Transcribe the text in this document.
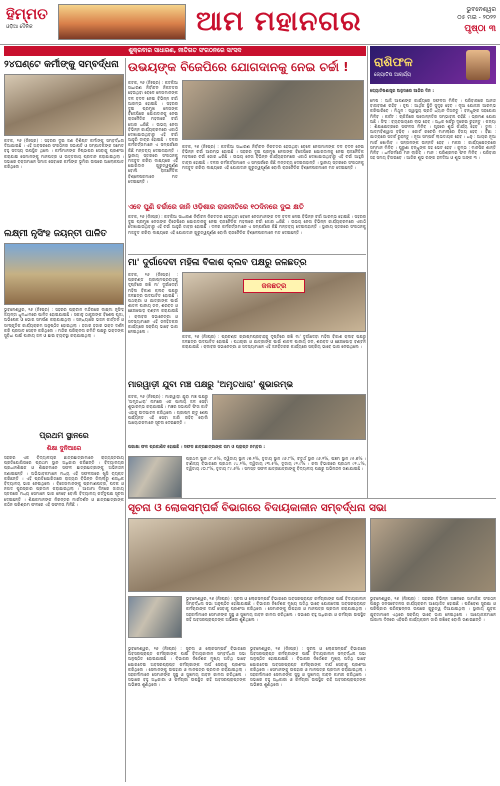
ହିମ୍ମତ
ଓଡ଼ିଆ ଦୈନିକ	ଆମ ମହାନଗର	ଭୁବନେଶ୍ୱର
୦୫ ମଇ - ୨୦୨୨
ପୃଷ୍ଠା ୩
ଶୁକ୍ରବାର ସାଧାରଣ, ନୀତିଗତ ସଂଗଠନରେ ସାଂସଦ
ଉଭୟଙ୍କ ବିଜେପିରେ ଯୋଗଦାନକୁ ନେଇ ଚର୍ଚ୍ଚା !
କଟକ, ୨୬ (ନିଃପ୍ର) : କଟକିଆ ସାଧାରଣ ନିର୍ବାଚନ ନିକଟତର ହେଉଥିବା ବେଳେ ନେତାମାନଙ୍କ ଦଳ ବଦଳ ନେଇ ବିଭିନ୍ନ ଚର୍ଚ୍ଚା ଆରମ୍ଭ ହୋଇଛି । ସହରର ଦୁଇ ପ୍ରମୁଖ ନେତାଙ୍କ ବିଜେପିରେ ଯୋଗଦାନକୁ ନେଇ ରାଜନୈତିକ ମହଲରେ ଚର୍ଚ୍ଚା ଜୋର ଧରିଛି । ଉଭୟ ନେତା ବିଭିନ୍ନ କାର୍ଯ୍ୟକ୍ରମରେ ଏକାଠି ଦେଖାଯାଉଥିବାରୁ ଏହି ଚର୍ଚ୍ଚା ଆହୁରି ତୀବ୍ର ହୋଇଛି । ଦଳର କର୍ମକର୍ତ୍ତାମାନେ ଏ ସମ୍ପର୍କରେ କିଛି ମନ୍ତବ୍ୟ ଦେଇନାହାନ୍ତି । ସ୍ଥାନୀୟ ସ୍ତରରେ ସଂଗଠନକୁ ମଜବୁତ କରିବା ଲକ୍ଷ୍ୟରେ ଏହି ଯୋଗଦାନ ଗୁରୁତ୍ୱପୂର୍ଣ୍ଣ ବୋଲି ରାଜନୈତିକ ବିଶ୍ଳେଷକମାନେ ମତ ଦେଇଛନ୍ତି ।
କଟକ, ୨୬ (ନିଃପ୍ର) : କଟକିଆ ସାଧାରଣ ନିର୍ବାଚନ ନିକଟତର ହେଉଥିବା ବେଳେ ନେତାମାନଙ୍କ ଦଳ ବଦଳ ନେଇ ବିଭିନ୍ନ ଚର୍ଚ୍ଚା ଆରମ୍ଭ ହୋଇଛି । ସହରର ଦୁଇ ପ୍ରମୁଖ ନେତାଙ୍କ ବିଜେପିରେ ଯୋଗଦାନକୁ ନେଇ ରାଜନୈତିକ ମହଲରେ ଚର୍ଚ୍ଚା ଜୋର ଧରିଛି । ଉଭୟ ନେତା ବିଭିନ୍ନ କାର୍ଯ୍ୟକ୍ରମରେ ଏକାଠି ଦେଖାଯାଉଥିବାରୁ ଏହି ଚର୍ଚ୍ଚା ଆହୁରି ତୀବ୍ର ହୋଇଛି । ଦଳର କର୍ମକର୍ତ୍ତାମାନେ ଏ ସମ୍ପର୍କରେ କିଛି ମନ୍ତବ୍ୟ ଦେଇନାହାନ୍ତି । ସ୍ଥାନୀୟ ସ୍ତରରେ ସଂଗଠନକୁ ମଜବୁତ କରିବା ଲକ୍ଷ୍ୟରେ ଏହି ଯୋଗଦାନ ଗୁରୁତ୍ୱପୂର୍ଣ୍ଣ ବୋଲି ରାଜନୈତିକ ବିଶ୍ଳେଷକମାନେ ମତ ଦେଇଛନ୍ତି ।
ଏବେ ପୁଣି ଚର୍ଚ୍ଚାରେ ଜାନି ଓଡ଼ିଶାର ରାଜନୀତିରେ ୧୦ଦିନରେ ଦୁଇ କ୍ଷତି
କଟକ, ୨୬ (ନିଃପ୍ର) : କଟକିଆ ସାଧାରଣ ନିର୍ବାଚନ ନିକଟତର ହେଉଥିବା ବେଳେ ନେତାମାନଙ୍କ ଦଳ ବଦଳ ନେଇ ବିଭିନ୍ନ ଚର୍ଚ୍ଚା ଆରମ୍ଭ ହୋଇଛି । ସହରର ଦୁଇ ପ୍ରମୁଖ ନେତାଙ୍କ ବିଜେପିରେ ଯୋଗଦାନକୁ ନେଇ ରାଜନୈତିକ ମହଲରେ ଚର୍ଚ୍ଚା ଜୋର ଧରିଛି । ଉଭୟ ନେତା ବିଭିନ୍ନ କାର୍ଯ୍ୟକ୍ରମରେ ଏକାଠି ଦେଖାଯାଉଥିବାରୁ ଏହି ଚର୍ଚ୍ଚା ଆହୁରି ତୀବ୍ର ହୋଇଛି । ଦଳର କର୍ମକର୍ତ୍ତାମାନେ ଏ ସମ୍ପର୍କରେ କିଛି ମନ୍ତବ୍ୟ ଦେଇନାହାନ୍ତି । ସ୍ଥାନୀୟ ସ୍ତରରେ ସଂଗଠନକୁ ମଜବୁତ କରିବା ଲକ୍ଷ୍ୟରେ ଏହି ଯୋଗଦାନ ଗୁରୁତ୍ୱପୂର୍ଣ୍ଣ ବୋଲି ରାଜନୈତିକ ବିଶ୍ଳେଷକମାନେ ମତ ଦେଇଛନ୍ତି ।
୨୪ଘଣ୍ଟେ କର୍ମୀଙ୍କୁ ସମ୍ବର୍ଦ୍ଧନା
କଟକ, ୨୬ (ନିଃପ୍ର) : ସହରର ଦୁଇ ଜଣ ବିଶିଷ୍ଟ କର୍ମୀଙ୍କୁ ସମ୍ବର୍ଦ୍ଧନା ଦିଆଯାଇଛି । ଏହି ଅବସରରେ ସଂଗଠନର ସଭାପତି ଓ ସମ୍ପାଦକଙ୍କ ସମେତ ବହୁ ସଦସ୍ୟ ଉପସ୍ଥିତ ଥିଲେ । କର୍ମୀମାନଙ୍କ ନିଷ୍ଠାପର ସେବାକୁ ପ୍ରଶଂସା କରାଯାଇ ସେମାନଙ୍କୁ ମାନପତ୍ର ଓ ଉତ୍ତରୀୟ ପ୍ରଦାନ କରାଯାଇଥିଲା । ସଭାରେ ବକ୍ତାମାନେ ସମାଜ ସେବାରେ କର୍ମୀଙ୍କ ଭୂମିକା ଉପରେ ଆଲୋକପାତ କରିଥିଲେ ।
ଲକ୍ଷ୍ମୀ ନୃସିଂହ ଜୟନ୍ତୀ ପାଳିତ
ଭୁବନେଶ୍ୱର, ୨୬ (ନିଃପ୍ର) : ସହରର ପ୍ରାଚୀନ ମନ୍ଦିରରେ ଲକ୍ଷ୍ମୀ ନୃସିଂହ ଜୟନ୍ତୀ ଧୁମଧାମରେ ପାଳିତ ହୋଇଯାଇଛି । ସକାଳୁ ଠାକୁରଙ୍କ ବିଶେଷ ପୂଜା, ଅଭିଷେକ ଓ ଭୋଗ ସମର୍ପଣ କରାଯାଇଥିଲା । ସନ୍ଧ୍ୟାରେ ଭଜନ କୀର୍ତ୍ତନ ଓ ସାଂସ୍କୃତିକ କାର୍ଯ୍ୟକ୍ରମ ଅନୁଷ୍ଠିତ ହୋଇଥିଲା । ହଜାର ହଜାର ଭକ୍ତ ଦର୍ଶନ କରି ପ୍ରସାଦ ସେବନ କରିଥିଲେ । ମନ୍ଦିର ପରିଚାଳନା କମିଟି ପକ୍ଷରୁ ଭକ୍ତଙ୍କ ସୁବିଧା ପାଇଁ ପାନୀୟ ଜଳ ଓ ଛାଇ ବ୍ୟବସ୍ଥା କରାଯାଇଥିଲା ।
ମା' ଦୁର୍ଗାଦେବୀ ମହିଳା ବିକାଶ କ୍ଲବ ପକ୍ଷରୁ ଜଳଛତ୍ର
କଟକ, ୨୬ (ନିଃପ୍ର) : ପ୍ରଚଣ୍ଡ ଗ୍ରୀଷ୍ମପ୍ରବାହକୁ ଦୃଷ୍ଟିରେ ରଖି ମା' ଦୁର୍ଗାଦେବୀ ମହିଳା ବିକାଶ କ୍ଲବ ପକ୍ଷରୁ ଜଳଛତ୍ର ଉଦଘାଟିତ ହୋଇଛି । ପଥଚାରୀ ଓ ଯାତ୍ରୀଙ୍କ ପାଇଁ ଶୀତଳ ପାନୀୟ ଜଳ, ଶରବତ ଓ ଛେନାପୋଡ଼ ବଣ୍ଟନ କରାଯାଉଛି । କ୍ଲବର ସଭାନେତ୍ରୀ ଓ ସଦସ୍ୟାମାନେ ଏହି ଜନହିତକର କାର୍ଯ୍ୟରେ ସକ୍ରିୟ ଭାବେ ଭାଗ ନେଇଥିଲେ ।
ଜଳଛତ୍ର
କଟକ, ୨୬ (ନିଃପ୍ର) : ପ୍ରଚଣ୍ଡ ଗ୍ରୀଷ୍ମପ୍ରବାହକୁ ଦୃଷ୍ଟିରେ ରଖି ମା' ଦୁର୍ଗାଦେବୀ ମହିଳା ବିକାଶ କ୍ଲବ ପକ୍ଷରୁ ଜଳଛତ୍ର ଉଦଘାଟିତ ହୋଇଛି । ପଥଚାରୀ ଓ ଯାତ୍ରୀଙ୍କ ପାଇଁ ଶୀତଳ ପାନୀୟ ଜଳ, ଶରବତ ଓ ଛେନାପୋଡ଼ ବଣ୍ଟନ କରାଯାଉଛି । କ୍ଲବର ସଭାନେତ୍ରୀ ଓ ସଦସ୍ୟାମାନେ ଏହି ଜନହିତକର କାର୍ଯ୍ୟରେ ସକ୍ରିୟ ଭାବେ ଭାଗ ନେଇଥିଲେ ।
ମାରୱାଡ଼ୀ ଯୁବା ମଞ୍ଚ ପକ୍ଷରୁ 'ଅମୃତଧାରା' ଶୁଭାରମ୍ଭ
କଟକ, ୨୬ (ନିଃପ୍ର) : ମାରୱାଡ଼ୀ ଯୁବା ମଞ୍ଚ ପକ୍ଷରୁ 'ଅମୃତଧାରା' ନାମରେ ଏକ ପାନୀୟ ଜଳ ସେବା ଶୁଭାରମ୍ଭ କରାଯାଇଛି । ମଞ୍ଚର ସଭାପତି ଫିତା କାଟି ଏହାକୁ ଉଦଘାଟନ କରିଥିଲେ । ଗ୍ରୀଷ୍ମ ଋତୁ ଶେଷ ପର୍ଯ୍ୟନ୍ତ ଏହି ସେବା ଜାରି ରହିବ ବୋଲି ଆୟୋଜକମାନେ ସୂଚନା ଦେଇଛନ୍ତି ।
ପ୍ରଥମ ସ୍ଥାନରେ
ଶିକ୍ଷା ଦୁନିଆରେ
ସହରର ଏକ ବିଦ୍ୟାଳୟର ଛାତ୍ରଛାତ୍ରୀମାନେ ରାଜ୍ୟସ୍ତରୀୟ ପ୍ରତିଯୋଗିତାରେ ପ୍ରଥମ ସ୍ଥାନ ଅଧିକାର କରିଛନ୍ତି । ବିଦ୍ୟାଳୟର ପ୍ରଧାନଶିକ୍ଷକ ଓ ଶିକ୍ଷକମାନେ ସଫଳ ଛାତ୍ରଛାତ୍ରୀଙ୍କୁ ଅଭିନନ୍ଦନ ଜଣାଇଛନ୍ତି । ଅଭିଭାବକମାନେ ମଧ୍ୟ ଏହି ସଫଳତାରେ ଖୁସି ବ୍ୟକ୍ତ କରିଛନ୍ତି । ଏହି ପ୍ରତିଯୋଗିତାରେ ରାଜ୍ୟର ବିଭିନ୍ନ ଜିଲ୍ଲାରୁ ଶତାଧିକ ବିଦ୍ୟାଳୟ ଭାଗ ନେଇଥିଲେ । ବିଜେତାମାନଙ୍କୁ ପ୍ରମାଣପତ୍ର, ପଦକ ଓ ନଗଦ ପୁରସ୍କାର ପ୍ରଦାନ କରାଯାଇଥିଲା । ଆଗାମୀ ଦିନରେ ଜାତୀୟ ସ୍ତରରେ ମଧ୍ୟ ସେମାନେ ଭାଗ ନେବେ ବୋଲି ବିଦ୍ୟାଳୟ କର୍ତ୍ତୃପକ୍ଷ ସୂଚନା ଦେଇଛନ୍ତି । ଶିକ୍ଷକମାନଙ୍କ ନିରନ୍ତର ମାର୍ଗଦର୍ଶନ ଓ ଛାତ୍ରଛାତ୍ରୀଙ୍କ କଠିନ ପରିଶ୍ରମ ଫଳରେ ଏହି ସଫଳତା ମିଳିଛି ।
ପରୀକ୍ଷା ଫଳ ପ୍ରକାଶିତ ହୋଇଛି । ସଫଳ ଛାତ୍ରଛାତ୍ରୀଙ୍କ ନାମ ଓ ପ୍ରାପ୍ତ ନମ୍ବର :
ପ୍ରଥମ ସ୍ଥାନ ୯୮.୫%, ଦ୍ୱିତୀୟ ସ୍ଥାନ ୯୭.୨%, ତୃତୀୟ ସ୍ଥାନ ୯୬.୮%, ଚତୁର୍ଥ ସ୍ଥାନ ୯୬.୧%, ପଞ୍ଚମ ସ୍ଥାନ ୯୫.୭% । ବାଣିଜ୍ୟ ବିଭାଗରେ ପ୍ରଥମ ୯୪.୨%, ଦ୍ୱିତୀୟ ୯୩.୫%, ତୃତୀୟ ୯୨.୯% । କଳା ବିଭାଗରେ ପ୍ରଥମ ୯୧.୪%, ଦ୍ୱିତୀୟ ୯୦.୮%, ତୃତୀୟ ୮୯.୬% । ସମସ୍ତ ସଫଳ ଛାତ୍ରଛାତ୍ରୀଙ୍କୁ ବିଦ୍ୟାଳୟ ପକ୍ଷରୁ ଅଭିନନ୍ଦନ ଜଣାଯାଇଛି ।
ସୂଚନା ଓ ଲୋକସମ୍ପର୍କ ବିଭାଗରେ ବିଦାୟକାଳୀନ ସମ୍ବର୍ଦ୍ଧନା ସଭା
ଭୁବନେଶ୍ୱର, ୨୬ (ନିଃପ୍ର) : ସୂଚନା ଓ ଲୋକସମ୍ପର୍କ ବିଭାଗରେ ଅବସରପ୍ରାପ୍ତ କର୍ମଚାରୀଙ୍କ ପାଇଁ ବିଦାୟକାଳୀନ ସମ୍ବର୍ଦ୍ଧନା ସଭା ଅନୁଷ୍ଠିତ ହୋଇଯାଇଛି । ବିଭାଗର ନିର୍ଦ୍ଦେଶକ ମୁଖ୍ୟ ଅତିଥି ଭାବେ ଯୋଗଦେଇ ଅବସରପ୍ରାପ୍ତ କର୍ମଚାରୀଙ୍କ ଦୀର୍ଘ ସେବାକୁ ପ୍ରଶଂସା କରିଥିଲେ । ସେମାନଙ୍କୁ ଉପହାର ଓ ମାନପତ୍ର ପ୍ରଦାନ କରାଯାଇଥିଲା । ସହକର୍ମୀମାନେ ସେମାନଙ୍କ ସୁସ୍ଥ ଓ ସୁଖମୟ ଜୀବନ କାମନା କରିଥିଲେ । ସଭାରେ ବହୁ ଅଧିକାରୀ ଓ କର୍ମଚାରୀ ଉପସ୍ଥିତ ରହି ଅବସରପ୍ରାପ୍ତଙ୍କ ଅଭିଜ୍ଞତା ଶୁଣିଥିଲେ ।
ଭୁବନେଶ୍ୱର, ୨୬ (ନିଃପ୍ର) : ସୂଚନା ଓ ଲୋକସମ୍ପର୍କ ବିଭାଗରେ ଅବସରପ୍ରାପ୍ତ କର୍ମଚାରୀଙ୍କ ପାଇଁ ବିଦାୟକାଳୀନ ସମ୍ବର୍ଦ୍ଧନା ସଭା ଅନୁଷ୍ଠିତ ହୋଇଯାଇଛି । ବିଭାଗର ନିର୍ଦ୍ଦେଶକ ମୁଖ୍ୟ ଅତିଥି ଭାବେ ଯୋଗଦେଇ ଅବସରପ୍ରାପ୍ତ କର୍ମଚାରୀଙ୍କ ଦୀର୍ଘ ସେବାକୁ ପ୍ରଶଂସା କରିଥିଲେ । ସେମାନଙ୍କୁ ଉପହାର ଓ ମାନପତ୍ର ପ୍ରଦାନ କରାଯାଇଥିଲା । ସହକର୍ମୀମାନେ ସେମାନଙ୍କ ସୁସ୍ଥ ଓ ସୁଖମୟ ଜୀବନ କାମନା କରିଥିଲେ । ସଭାରେ ବହୁ ଅଧିକାରୀ ଓ କର୍ମଚାରୀ ଉପସ୍ଥିତ ରହି ଅବସରପ୍ରାପ୍ତଙ୍କ ଅଭିଜ୍ଞତା ଶୁଣିଥିଲେ ।
ଭୁବନେଶ୍ୱର, ୨୬ (ନିଃପ୍ର) : ସୂଚନା ଓ ଲୋକସମ୍ପର୍କ ବିଭାଗରେ ଅବସରପ୍ରାପ୍ତ କର୍ମଚାରୀଙ୍କ ପାଇଁ ବିଦାୟକାଳୀନ ସମ୍ବର୍ଦ୍ଧନା ସଭା ଅନୁଷ୍ଠିତ ହୋଇଯାଇଛି । ବିଭାଗର ନିର୍ଦ୍ଦେଶକ ମୁଖ୍ୟ ଅତିଥି ଭାବେ ଯୋଗଦେଇ ଅବସରପ୍ରାପ୍ତ କର୍ମଚାରୀଙ୍କ ଦୀର୍ଘ ସେବାକୁ ପ୍ରଶଂସା କରିଥିଲେ । ସେମାନଙ୍କୁ ଉପହାର ଓ ମାନପତ୍ର ପ୍ରଦାନ କରାଯାଇଥିଲା । ସହକର୍ମୀମାନେ ସେମାନଙ୍କ ସୁସ୍ଥ ଓ ସୁଖମୟ ଜୀବନ କାମନା କରିଥିଲେ । ସଭାରେ ବହୁ ଅଧିକାରୀ ଓ କର୍ମଚାରୀ ଉପସ୍ଥିତ ରହି ଅବସରପ୍ରାପ୍ତଙ୍କ ଅଭିଜ୍ଞତା ଶୁଣିଥିଲେ ।
ରାଶିଫଳ
ଜ୍ୟୋତିଷ ଆଚାର୍ଯ୍ୟ
ଜ୍ୟୋତିଷଶାସ୍ତ୍ର ଅନୁସାରେ ଆଜିର ଦିନ :
ମେଷ : ଆଜି ଆପଣଙ୍କ କାର୍ଯ୍ୟରେ ସଫଳତା ମିଳିବ । ପରିବାରରେ ଆନନ୍ଦ ବାତାବରଣ ରହିବ । ବୃଷ : ଆର୍ଥିକ ସ୍ଥିତି ସୁଦୃଢ ହେବ । ନୂଆ ଯୋଜନା ଆରମ୍ଭ କରିପାରିବେ । ମିଥୁନ : ସ୍ୱାସ୍ଥ୍ୟ ପ୍ରତି ଧ୍ୟାନ ଦିଅନ୍ତୁ । ବନ୍ଧୁଙ୍କ ସହଯୋଗ ମିଳିବ । କର୍କଟ : ଚାକିରିରେ ପଦୋନ୍ନତିର ସମ୍ଭାବନା ରହିଛି । ଭ୍ରମଣ ଯୋଗ ଅଛି । ସିଂହ : ବ୍ୟବସାୟରେ ଲାଭ ହେବ । ଅଧିକ ଖର୍ଚ୍ଚରୁ ଦୂରେଇ ରୁହନ୍ତୁ । କନ୍ୟା : ଶିକ୍ଷାକ୍ଷେତ୍ରରେ ସଫଳତା ମିଳିବ । ଗୃହରେ ଶୁଭ କାର୍ଯ୍ୟ ହେବ । ତୁଳା : ଆତ୍ମବିଶ୍ୱାସ ବଢିବ । କୋର୍ଟ କଚେରି ମାମଲାରେ ବିଜୟ ହେବ । ବିଛା : ଯାତ୍ରାରେ ସତର୍କ ରୁହନ୍ତୁ । ନୂଆ ସମ୍ପର୍କ ଲାଭଦାୟକ ହେବ । ଧନୁ : ଆୟର ନୂଆ ମାର୍ଗ ଖୋଲିବ । ସନ୍ତାନଙ୍କ ଉନ୍ନତି ହେବ । ମକର : କାର୍ଯ୍ୟକ୍ଷେତ୍ରରେ ସମ୍ମାନ ମିଳିବ । ପୁରୁଣା ବନ୍ଧୁଙ୍କ ସହ ଭେଟ ହେବ । କୁମ୍ଭ : ମାନସିକ ଶାନ୍ତି ମିଳିବ । ଧର୍ମକର୍ମରେ ମନ ଲାଗିବ । ମୀନ : ପରିଶ୍ରମର ଫଳ ମିଳିବ । ପରିବାର ସହ ସମୟ ବିତାଇବେ । ଆଜିର ଶୁଭ ରଙ୍ଗ ହଳଦିଆ ଓ ଶୁଭ ଅଙ୍କ ୩ ।
ଭୁବନେଶ୍ୱର, ୨୬ (ନିଃପ୍ର) : ସହରର ବିଭିନ୍ନ ଅଞ୍ଚଳରେ ସାମାଜିକ ସଂଗଠନ ପକ୍ଷରୁ ଜନସଚେତନତା କାର୍ଯ୍ୟକ୍ରମ ଆୟୋଜିତ ହୋଇଛି । ପରିବେଶ ସୁରକ୍ଷା ଓ ପରିଷ୍କାର ପରିଚ୍ଛନ୍ନତା ଉପରେ ଗୁରୁତ୍ୱ ଦିଆଯାଇଥିଲା । ସ୍ଥାନୀୟ ଯୁବକ ଯୁବତୀମାନେ ଏଥିରେ ସକ୍ରିୟ ଭାବେ ଭାଗ ନେଇଥିଲେ । ଆୟୋଜକମାନେ ଆଗାମୀ ଦିନରେ ଏହିପରି କାର୍ଯ୍ୟକ୍ରମ ଜାରି ରଖିବେ ବୋଲି ଜଣାଇଛନ୍ତି ।
